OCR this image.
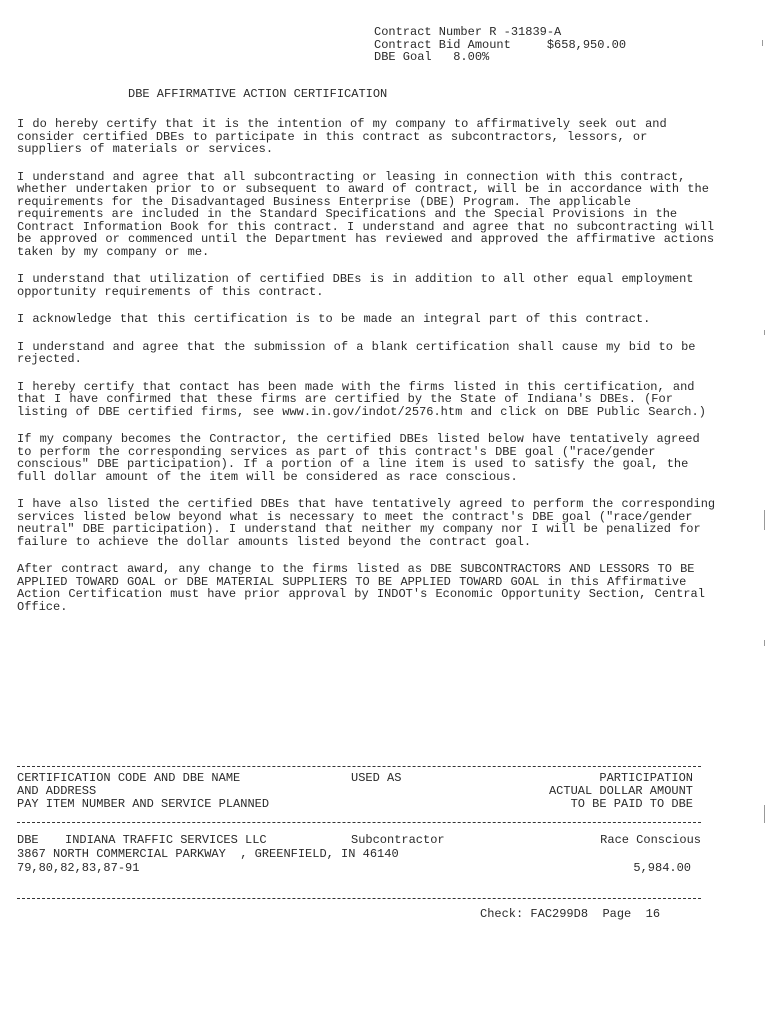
Contract Number R -31839-A
Contract Bid Amount	$658,950.00
DBE Goal 8.00%
DBE AFFIRMATIVE ACTION CERTIFICATION

I do hereby certify that it is the intention of my company to affirmatively seek out and consider certified DBEs to participate in this contract as subcontractors, lessors, or suppliers of materials or services.

I understand and agree that all subcontracting or leasing in connection with this contract, whether undertaken prior to or subsequent to award of contract, will be in accordance with the requirements for the Disadvantaged Business Enterprise (DBE) Program. The applicable requirements are included in the Standard Specifications and the Special Provisions in the Contract Information Book for this contract. I understand and agree that no subcontracting will be approved or commenced until the Department has reviewed and approved the affirmative actions taken by my company or me.

I understand that utilization of certified DBEs is in addition to all other equal employment opportunity requirements of this contract.

I acknowledge that this certification is to be made an integral part of this contract.

I understand and agree that the submission of a blank certification shall cause my bid to be rejected.

I hereby certify that contact has been made with the firms listed in this certification, and that I have confirmed that these firms are certified by the State of Indiana's DBEs. (For listing of DBE certified firms, see www.in.gov/indot/2576.htm and click on DBE Public Search.)

If my company becomes the Contractor, the certified DBEs listed below have tentatively agreed to perform the corresponding services as part of this contract's DBE goal ("race/gender conscious" DBE participation). If a portion of a line item is used to satisfy the goal, the full dollar amount of the item will be considered as race conscious.

I have also listed the certified DBEs that have tentatively agreed to perform the corresponding services listed below beyond what is necessary to meet the contract's DBE goal ("race/gender neutral" DBE participation). I understand that neither my company nor I will be penalized for failure to achieve the dollar amounts listed beyond the contract goal.

After contract award, any change to the firms listed as DBE SUBCONTRACTORS AND LESSORS TO BE APPLIED TOWARD GOAL or DBE MATERIAL SUPPLIERS TO BE APPLIED TOWARD GOAL in this Affirmative Action Certification must have prior approval by INDOT's Economic Opportunity Section, Central Office.

CERTIFICATION CODE AND DBE NAME
AND ADDRESS
PAY ITEM NUMBER AND SERVICE PLANNED
USED AS	PARTICIPATION
ACTUAL DOLLAR AMOUNT
TO BE PAID TO DBE
DBE INDIANA TRAFFIC SERVICES LLC	Subcontractor	Race Conscious
3867 NORTH COMMERCIAL PARKWAY  , GREENFIELD, IN 46140
79,80,82,83,87-91	5,984.00
Check: FAC299D8 Page 16
